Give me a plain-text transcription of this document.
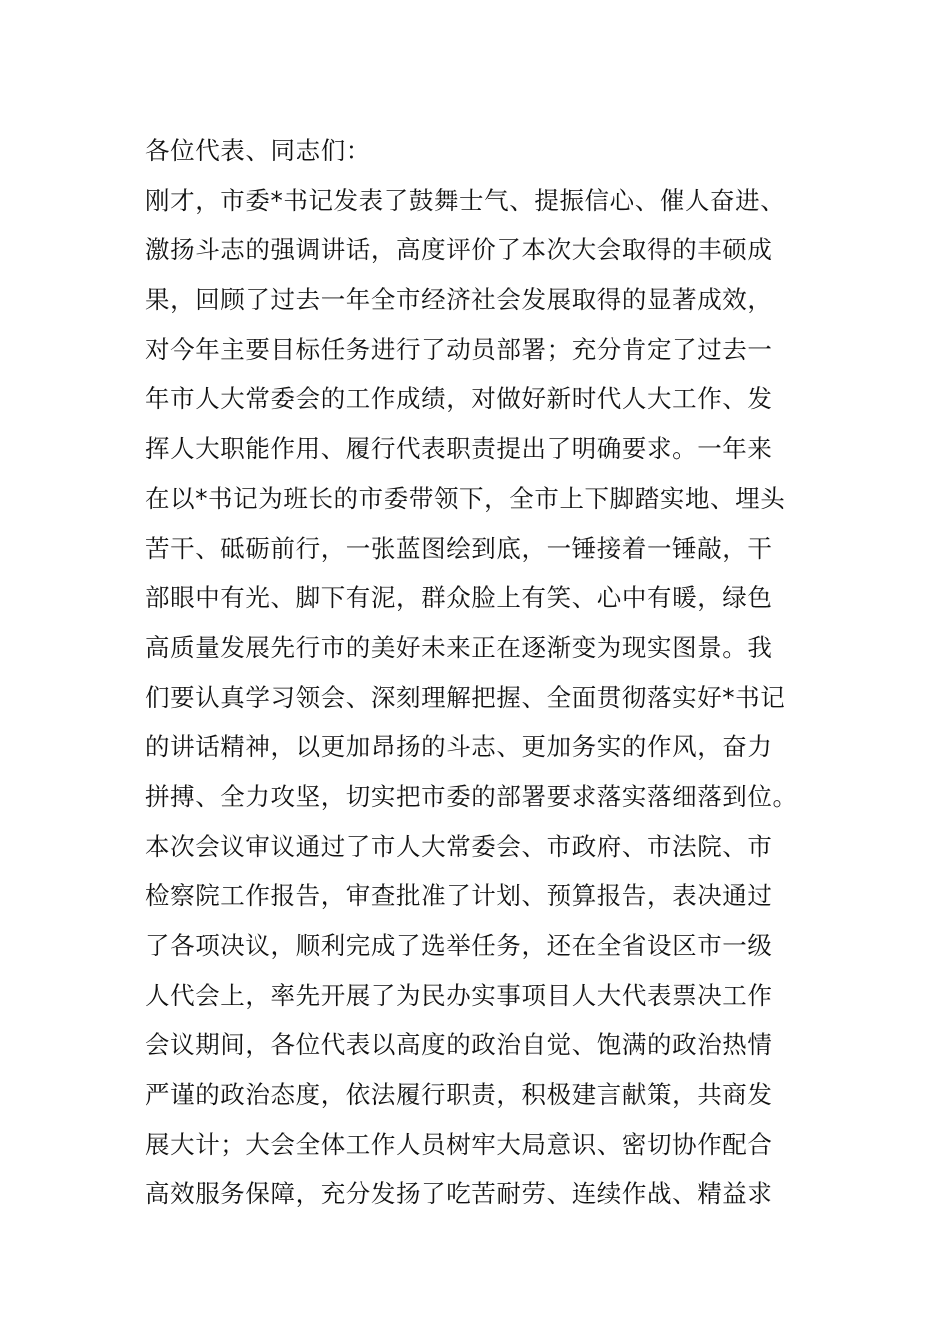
各位代表、同志们：
刚才，市委*书记发表了鼓舞士气、提振信心、催人奋进、
激扬斗志的强调讲话，高度评价了本次大会取得的丰硕成
果，回顾了过去一年全市经济社会发展取得的显著成效，
对今年主要目标任务进行了动员部署；充分肯定了过去一
年市人大常委会的工作成绩，对做好新时代人大工作、发
挥人大职能作用、履行代表职责提出了明确要求。一年来
在以*书记为班长的市委带领下，全市上下脚踏实地、埋头
苦干、砥砺前行，一张蓝图绘到底，一锤接着一锤敲，干
部眼中有光、脚下有泥，群众脸上有笑、心中有暖，绿色
高质量发展先行市的美好未来正在逐渐变为现实图景。我
们要认真学习领会、深刻理解把握、全面贯彻落实好*书记
的讲话精神，以更加昂扬的斗志、更加务实的作风，奋力
拼搏、全力攻坚，切实把市委的部署要求落实落细落到位。
本次会议审议通过了市人大常委会、市政府、市法院、市
检察院工作报告，审查批准了计划、预算报告，表决通过
了各项决议，顺利完成了选举任务，还在全省设区市一级
人代会上，率先开展了为民办实事项目人大代表票决工作
会议期间，各位代表以高度的政治自觉、饱满的政治热情
严谨的政治态度，依法履行职责，积极建言献策，共商发
展大计；大会全体工作人员树牢大局意识、密切协作配合
高效服务保障，充分发扬了吃苦耐劳、连续作战、精益求
